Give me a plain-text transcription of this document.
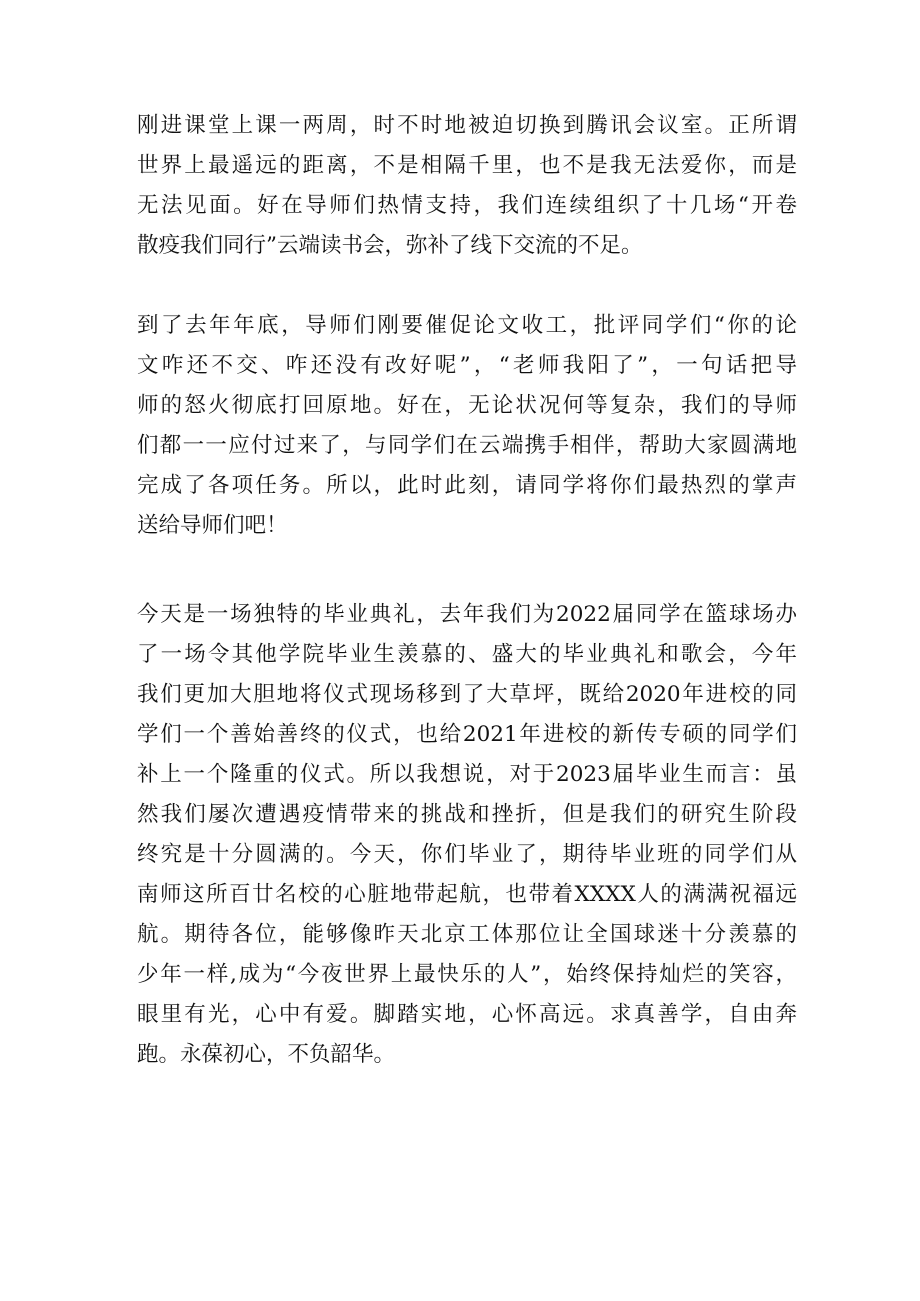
刚进课堂上课一两周，时不时地被迫切换到腾讯会议室。正所谓
世界上最遥远的距离，不是相隔千里，也不是我无法爱你，而是
无法见面。好在导师们热情支持，我们连续组织了十几场“开卷
散疫我们同行”云端读书会，弥补了线下交流的不足。
到了去年年底，导师们刚要催促论文收工，批评同学们“你的论
文咋还不交、咋还没有改好呢”，“老师我阳了”，一句话把导
师的怒火彻底打回原地。好在，无论状况何等复杂，我们的导师
们都一一应付过来了，与同学们在云端携手相伴，帮助大家圆满地
完成了各项任务。所以，此时此刻，请同学将你们最热烈的掌声
送给导师们吧！
今天是一场独特的毕业典礼，去年我们为2022届同学在篮球场办
了一场令其他学院毕业生羡慕的、盛大的毕业典礼和歌会，今年
我们更加大胆地将仪式现场移到了大草坪，既给2020年进校的同
学们一个善始善终的仪式，也给2021年进校的新传专硕的同学们
补上一个隆重的仪式。所以我想说，对于2023届毕业生而言：虽
然我们屡次遭遇疫情带来的挑战和挫折，但是我们的研究生阶段
终究是十分圆满的。今天，你们毕业了，期待毕业班的同学们从
南师这所百廿名校的心脏地带起航，也带着XXXX人的满满祝福远
航。期待各位，能够像昨天北京工体那位让全国球迷十分羡慕的
少年一样,成为“今夜世界上最快乐的人”，始终保持灿烂的笑容，
眼里有光，心中有爱。脚踏实地，心怀高远。求真善学，自由奔
跑。永葆初心，不负韶华。
